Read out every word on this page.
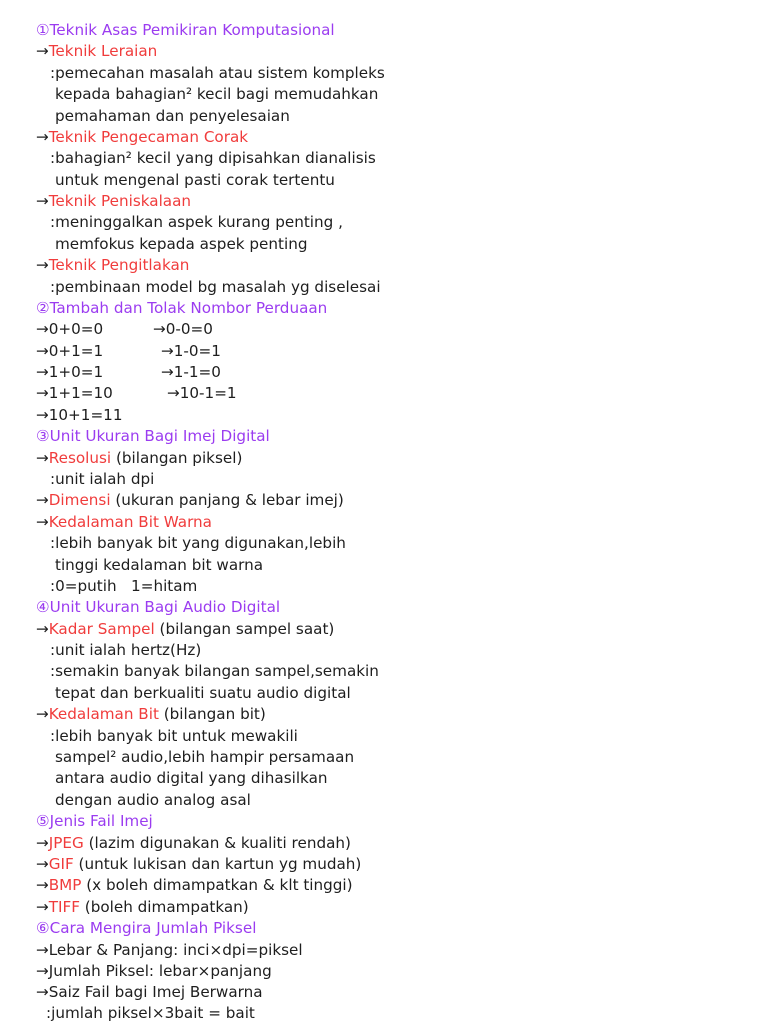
①Teknik Asas Pemikiran Komputasional
→Teknik Leraian
:pemecahan masalah atau sistem kompleks
kepada bahagian² kecil bagi memudahkan
pemahaman dan penyelesaian
→Teknik Pengecaman Corak
:bahagian² kecil yang dipisahkan dianalisis
untuk mengenal pasti corak tertentu
→Teknik Peniskalaan
:meninggalkan aspek kurang penting ,
memfokus kepada aspek penting
→Teknik Pengitlakan
:pembinaan model bg masalah yg diselesai
②Tambah dan Tolak Nombor Perduaan
→0+0=0	→0-0=0
→0+1=1	→1-0=1
→1+0=1	→1-1=0
→1+1=10	→10-1=1
→10+1=11
③Unit Ukuran Bagi Imej Digital
→Resolusi (bilangan piksel)
:unit ialah dpi
→Dimensi (ukuran panjang & lebar imej)
→Kedalaman Bit Warna
:lebih banyak bit yang digunakan,lebih
tinggi kedalaman bit warna
:0=putih   1=hitam
④Unit Ukuran Bagi Audio Digital
→Kadar Sampel (bilangan sampel saat)
:unit ialah hertz(Hz)
:semakin banyak bilangan sampel,semakin
tepat dan berkualiti suatu audio digital
→Kedalaman Bit (bilangan bit)
:lebih banyak bit untuk mewakili
sampel² audio,lebih hampir persamaan
antara audio digital yang dihasilkan
dengan audio analog asal
⑤Jenis Fail Imej
→JPEG (lazim digunakan & kualiti rendah)
→GIF (untuk lukisan dan kartun yg mudah)
→BMP (x boleh dimampatkan & klt tinggi)
→TIFF (boleh dimampatkan)
⑥Cara Mengira Jumlah Piksel
→Lebar & Panjang: inci×dpi=piksel
→Jumlah Piksel: lebar×panjang
→Saiz Fail bagi Imej Berwarna
:jumlah piksel×3bait = bait
